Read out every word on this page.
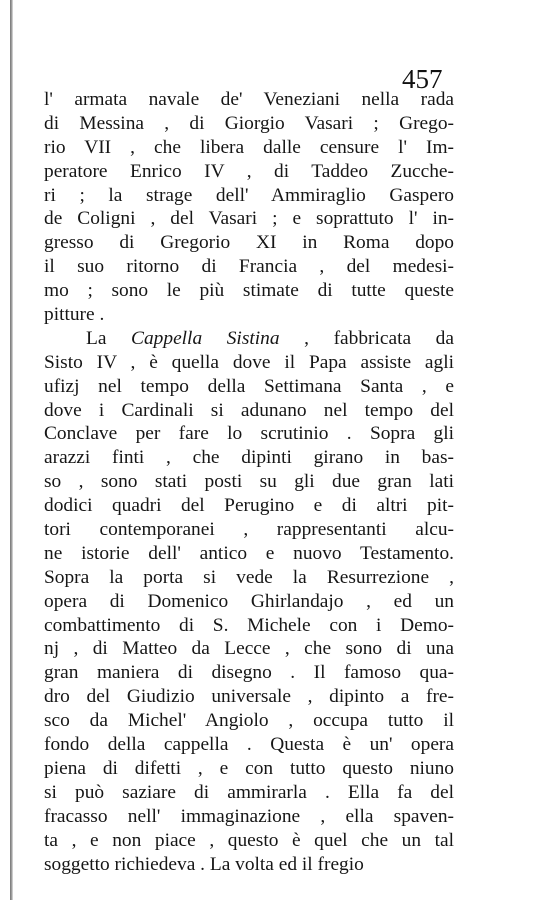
457
l' armata navale de' Veneziani nella rada
di Messina , di Giorgio Vasari ; Grego-
rio VII , che libera dalle censure l' Im-
peratore Enrico IV , di Taddeo Zucche-
ri ; la strage dell' Ammiraglio Gaspero
de Coligni , del Vasari ; e soprattuto l' in-
gresso di Gregorio XI in Roma dopo
il suo ritorno di Francia , del medesi-
mo ; sono le più stimate di tutte queste
pitture .
La Cappella Sistina , fabbricata da
Sisto IV , è quella dove il Papa assiste agli
ufizj nel tempo della Settimana Santa , e
dove i Cardinali si adunano nel tempo del
Conclave per fare lo scrutinio . Sopra gli
arazzi finti , che dipinti girano in bas-
so , sono stati posti su gli due gran lati
dodici quadri del Perugino e di altri pit-
tori contemporanei , rappresentanti alcu-
ne istorie dell' antico e nuovo Testamento.
Sopra la porta si vede la Resurrezione ,
opera di Domenico Ghirlandajo , ed un
combattimento di S. Michele con i Demo-
nj , di Matteo da Lecce , che sono di una
gran maniera di disegno . Il famoso qua-
dro del Giudizio universale , dipinto a fre-
sco da Michel' Angiolo , occupa tutto il
fondo della cappella . Questa è un' opera
piena di difetti , e con tutto questo niuno
si può saziare di ammirarla . Ella fa del
fracasso nell' immaginazione , ella spaven-
ta , e non piace , questo è quel che un tal
soggetto richiedeva . La volta ed il fregio
